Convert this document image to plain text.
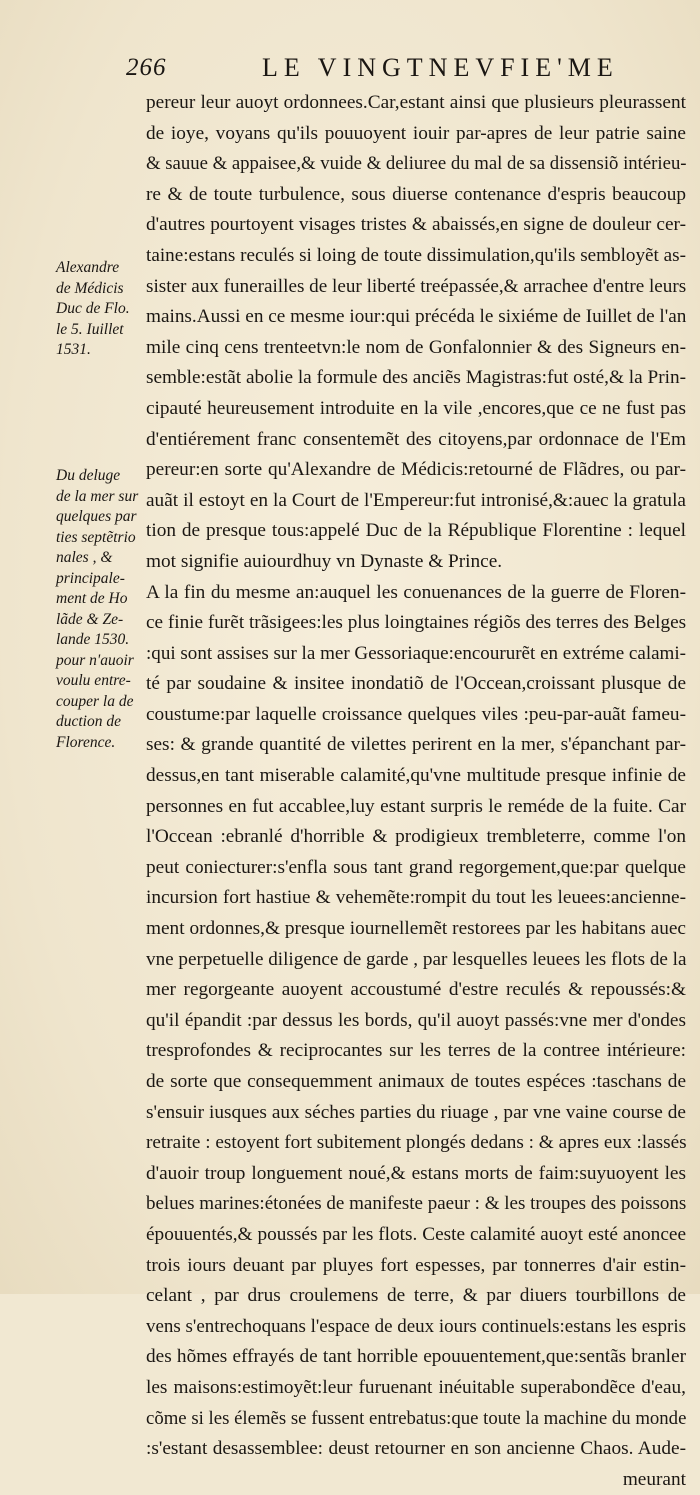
266	LE VINGTNEVFIE'ME
Alexandre
de Médicis
Duc de Flo.
le 5. Iuillet
1531.
Du deluge
de la mer sur
quelques par
ties septẽtrio
nales , &
principale-
ment de Ho
lãde & Ze-
lande 1530.
pour n'auoir
voulu entre-
couper la de
duction de
Florence.
pereur leur auoyt ordonnees.Car,estant ainsi que plusieurs pleurassent
de ioye, voyans qu'ils pouuoyent iouir par-apres de leur patrie saine
& sauue & appaisee,& vuide & deliuree du mal de sa dissensiõ intérieu-
re & de toute turbulence, sous diuerse contenance d'espris beaucoup
d'autres pourtoyent visages tristes & abaissés,en signe de douleur cer-
taine:estans reculés si loing de toute dissimulation,qu'ils sembloyẽt as-
sister aux funerailles de leur liberté treépassée,& arrachee d'entre leurs
mains.Aussi en ce mesme iour:qui précéda le sixiéme de Iuillet de l'an
mile cinq cens trenteetvn:le nom de Gonfalonnier & des Signeurs en-
semble:estãt abolie la formule des anciẽs Magistras:fut osté,& la Prin-
cipauté heureusement introduite en la vile ,encores,que ce ne fust pas
d'entiérement franc consentemẽt des citoyens,par ordonnace de l'Em
pereur:en sorte qu'Alexandre de Médicis:retourné de Flãdres, ou par-
auãt il estoyt en la Court de l'Empereur:fut intronisé,&:auec la gratula
tion de presque tous:appelé Duc de la République Florentine : lequel
mot signifie auiourdhuy vn Dynaste & Prince.
A la fin du mesme an:auquel les conuenances de la guerre de Floren-
ce finie furẽt trãsigees:les plus loingtaines régiõs des terres des Belges
:qui sont assises sur la mer Gessoriaque:encoururẽt en extréme calami-
té par soudaine & insitee inondatiõ de l'Occean,croissant plusque de
coustume:par laquelle croissance quelques viles :peu-par-auãt fameu-
ses: & grande quantité de vilettes perirent en la mer, s'épanchant par-
dessus,en tant miserable calamité,qu'vne multitude presque infinie de
personnes en fut accablee,luy estant surpris le reméde de la fuite. Car
l'Occean :ebranlé d'horrible & prodigieux trembleterre, comme l'on
peut coniecturer:s'enfla sous tant grand regorgement,que:par quelque
incursion fort hastiue & vehemẽte:rompit du tout les leuees:ancienne-
ment ordonnes,& presque iournellemẽt restorees par les habitans auec
vne perpetuelle diligence de garde , par lesquelles leuees les flots de la
mer regorgeante auoyent accoustumé d'estre reculés & repoussés:&
qu'il épandit :par dessus les bords, qu'il auoyt passés:vne mer d'ondes
tresprofondes & reciprocantes sur les terres de la contree intérieure:
de sorte que consequemment animaux de toutes espéces :taschans de
s'ensuir iusques aux séches parties du riuage , par vne vaine course de
retraite : estoyent fort subitement plongés dedans : & apres eux :lassés
d'auoir troup longuement noué,& estans morts de faim:suyuoyent les
belues marines:étonées de manifeste paeur : & les troupes des poissons
épouuentés,& poussés par les flots. Ceste calamité auoyt esté anoncee
trois iours deuant par pluyes fort espesses, par tonnerres d'air estin-
celant , par drus croulemens de terre, & par diuers tourbillons de
vens s'entrechoquans l'espace de deux iours continuels:estans les espris
des hõmes effrayés de tant horrible epouuentement,que:sentãs branler
les maisons:estimoyẽt:leur furuenant inéuitable superabondẽce d'eau,
cõme si les élemẽs se fussent entrebatus:que toute la machine du monde
:s'estant desassemblee: deust retourner en son ancienne Chaos. Aude-
meurant
